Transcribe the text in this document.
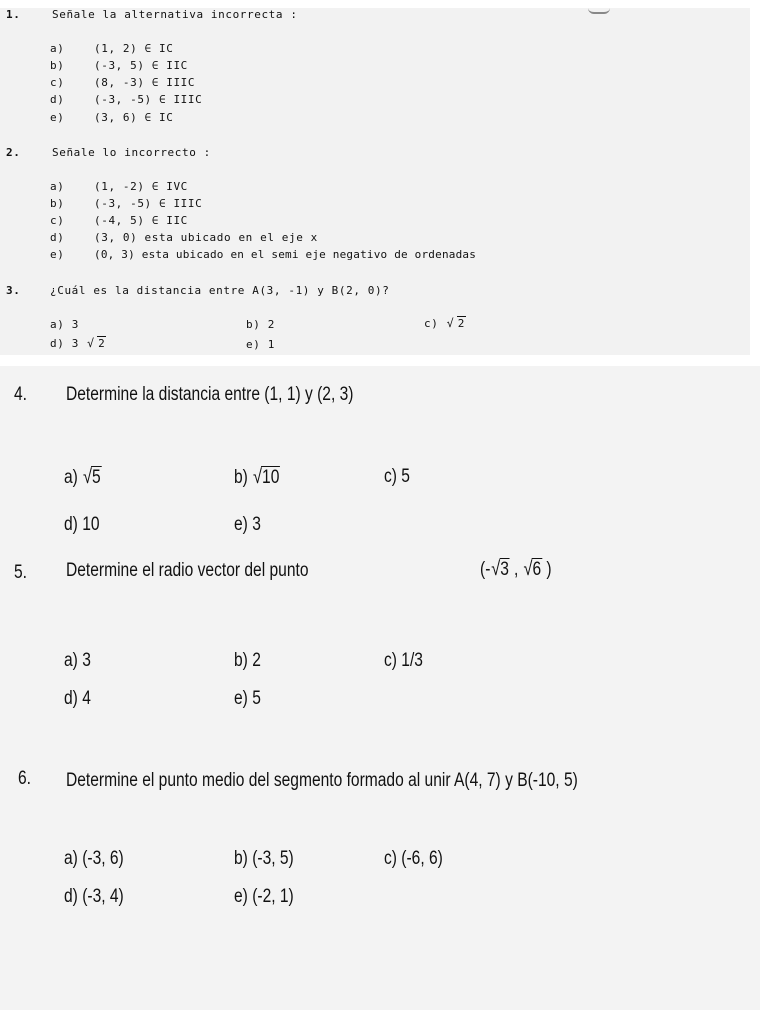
1.	Señale la alternativa incorrecta :
a)	(1, 2) ∈ IC
b)	(-3, 5) ∈ IIC
c)	(8, -3) ∈ IIIC
d)	(-3, -5) ∈ IIIC
e)	(3, 6) ∈ IC
2.	Señale lo incorrecto :
a)	(1, -2) ∈ IVC
b)	(-3, -5) ∈ IIIC
c)	(-4, 5) ∈ IIC
d)	(3, 0) esta ubicado en el eje x
e)	(0, 3) esta ubicado en el semi eje negativo de ordenadas
3.	¿Cuál es la distancia entre A(3, -1) y B(2, 0)?
a) 3	b) 2	c) √ 2
d) 3 √ 2	e) 1
4. Determine la distancia entre (1, 1) y (2, 3)
a) √ 5	b) √ 10	c) 5
d) 10	e) 3
5. Determine el radio vector del punto	(- √ 3 , √ 6 )
a) 3	b) 2	c) 1/3
d) 4	e) 5
6. Determine el punto medio del segmento formado al unir A(4, 7) y B(-10, 5)
a) (-3, 6)	b) (-3, 5)	c) (-6, 6)
d) (-3, 4)	e) (-2, 1)
